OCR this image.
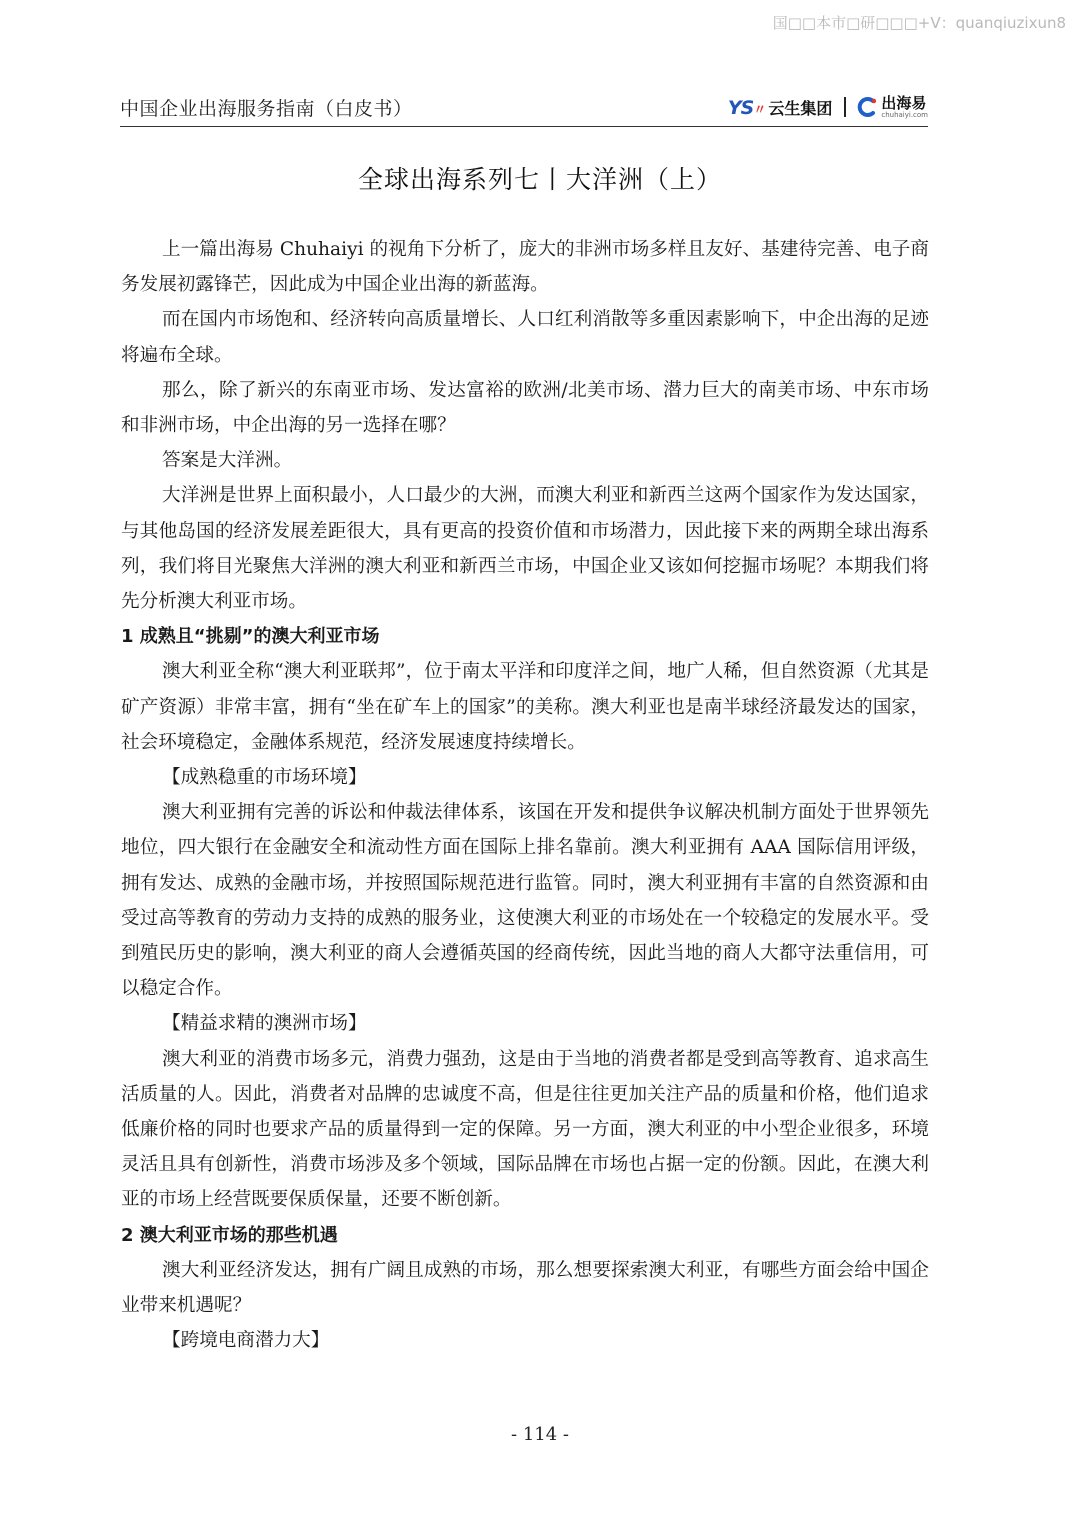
国□□本市□研□□□+V：quanqiuzixun8
中国企业出海服务指南（白皮书）	YS 〃 云生集团	出海易
chuhaiyi.com
全球出海系列七丨大洋洲（上）

上一篇出海易 Chuhaiyi 的视角下分析了，庞大的非洲市场多样且友好、基建待完善、电子商务发展初露锋芒，因此成为中国企业出海的新蓝海。

而在国内市场饱和、经济转向高质量增长、人口红利消散等多重因素影响下，中企出海的足迹将遍布全球。

那么，除了新兴的东南亚市场、发达富裕的欧洲/北美市场、潜力巨大的南美市场、中东市场和非洲市场，中企出海的另一选择在哪？

答案是大洋洲。

大洋洲是世界上面积最小，人口最少的大洲，而澳大利亚和新西兰这两个国家作为发达国家，与其他岛国的经济发展差距很大，具有更高的投资价值和市场潜力，因此接下来的两期全球出海系列，我们将目光聚焦大洋洲的澳大利亚和新西兰市场，中国企业又该如何挖掘市场呢？本期我们将先分析澳大利亚市场。

1 成熟且“挑剔”的澳大利亚市场

澳大利亚全称“澳大利亚联邦”，位于南太平洋和印度洋之间，地广人稀，但自然资源（尤其是矿产资源）非常丰富，拥有“坐在矿车上的国家”的美称。澳大利亚也是南半球经济最发达的国家，社会环境稳定，金融体系规范，经济发展速度持续增长。

【成熟稳重的市场环境】

澳大利亚拥有完善的诉讼和仲裁法律体系，该国在开发和提供争议解决机制方面处于世界领先地位，四大银行在金融安全和流动性方面在国际上排名靠前。澳大利亚拥有 AAA 国际信用评级，拥有发达、成熟的金融市场，并按照国际规范进行监管。同时，澳大利亚拥有丰富的自然资源和由受过高等教育的劳动力支持的成熟的服务业，这使澳大利亚的市场处在一个较稳定的发展水平。受到殖民历史的影响，澳大利亚的商人会遵循英国的经商传统，因此当地的商人大都守法重信用，可以稳定合作。

【精益求精的澳洲市场】

澳大利亚的消费市场多元，消费力强劲，这是由于当地的消费者都是受到高等教育、追求高生活质量的人。因此，消费者对品牌的忠诚度不高，但是往往更加关注产品的质量和价格，他们追求低廉价格的同时也要求产品的质量得到一定的保障。另一方面，澳大利亚的中小型企业很多，环境灵活且具有创新性，消费市场涉及多个领域，国际品牌在市场也占据一定的份额。因此，在澳大利亚的市场上经营既要保质保量，还要不断创新。

2 澳大利亚市场的那些机遇

澳大利亚经济发达，拥有广阔且成熟的市场，那么想要探索澳大利亚，有哪些方面会给中国企业带来机遇呢？

【跨境电商潜力大】

- 114 -
